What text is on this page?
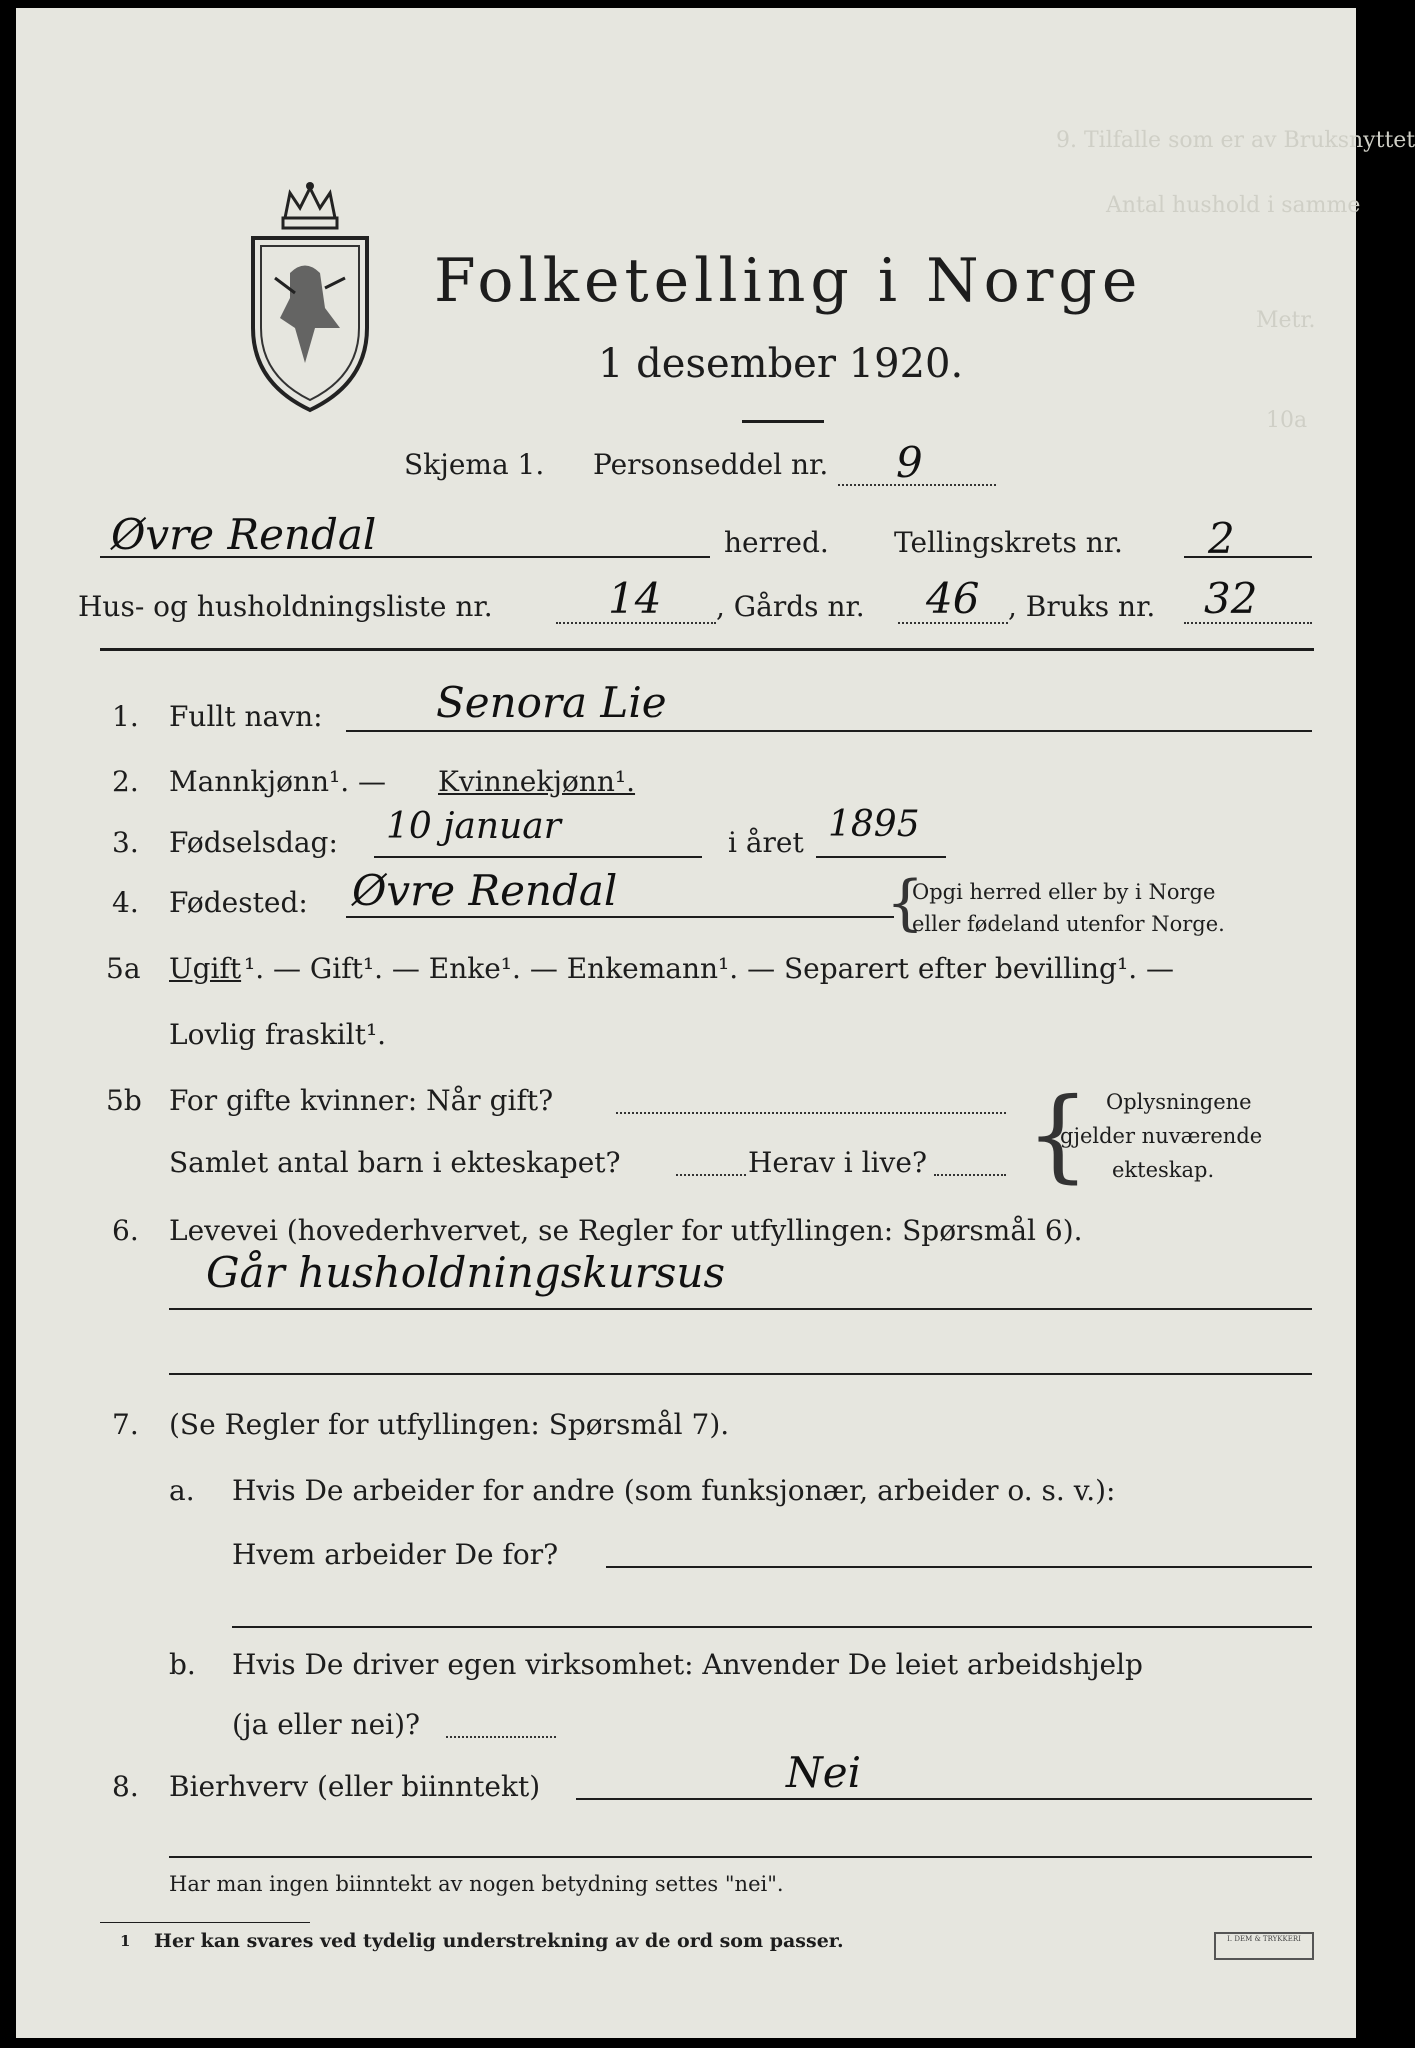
9. Tilfalle som er av Bruksnyttet
Antal hushold i samme
Metr.
10a
Folketelling i Norge
1 desember 1920.
Skjema 1. Personseddel nr. 9
Øvre Rendal	herred. Tellingskrets nr. 2
Hus- og husholdningsliste nr.	14 , Gårds nr. 46 , Bruks nr. 32
1. Fullt navn:	Senora Lie
2. Mannkjønn¹. — Kvinnekjønn¹.
3. Fødselsdag: 10 januar	i året 1895
4. Fødested: Øvre Rendal	{
Opgi herred eller by i Norge
eller fødeland utenfor Norge.
5a Ugift ¹. — Gift¹. — Enke¹. — Enkemann¹. — Separert efter bevilling¹. —
Lovlig fraskilt¹.
5b For gifte kvinner: Når gift?
Samlet antal barn i ekteskapet?	Herav i live? { Oplysningene
gjelder nuværende
ekteskap.
6. Levevei (hovederhvervet, se Regler for utfyllingen: Spørsmål 6).
Går husholdningskursus
7. (Se Regler for utfyllingen: Spørsmål 7).
a. Hvis De arbeider for andre (som funksjonær, arbeider o. s. v.):
Hvem arbeider De for?
b. Hvis De driver egen virksomhet: Anvender De leiet arbeidshjelp
(ja eller nei)?
8. Bierhverv (eller biinntekt)	Nei
Har man ingen biinntekt av nogen betydning settes "nei".
1 Her kan svares ved tydelig understrekning av de ord som passer.	I. DEM & TRYKKERI
